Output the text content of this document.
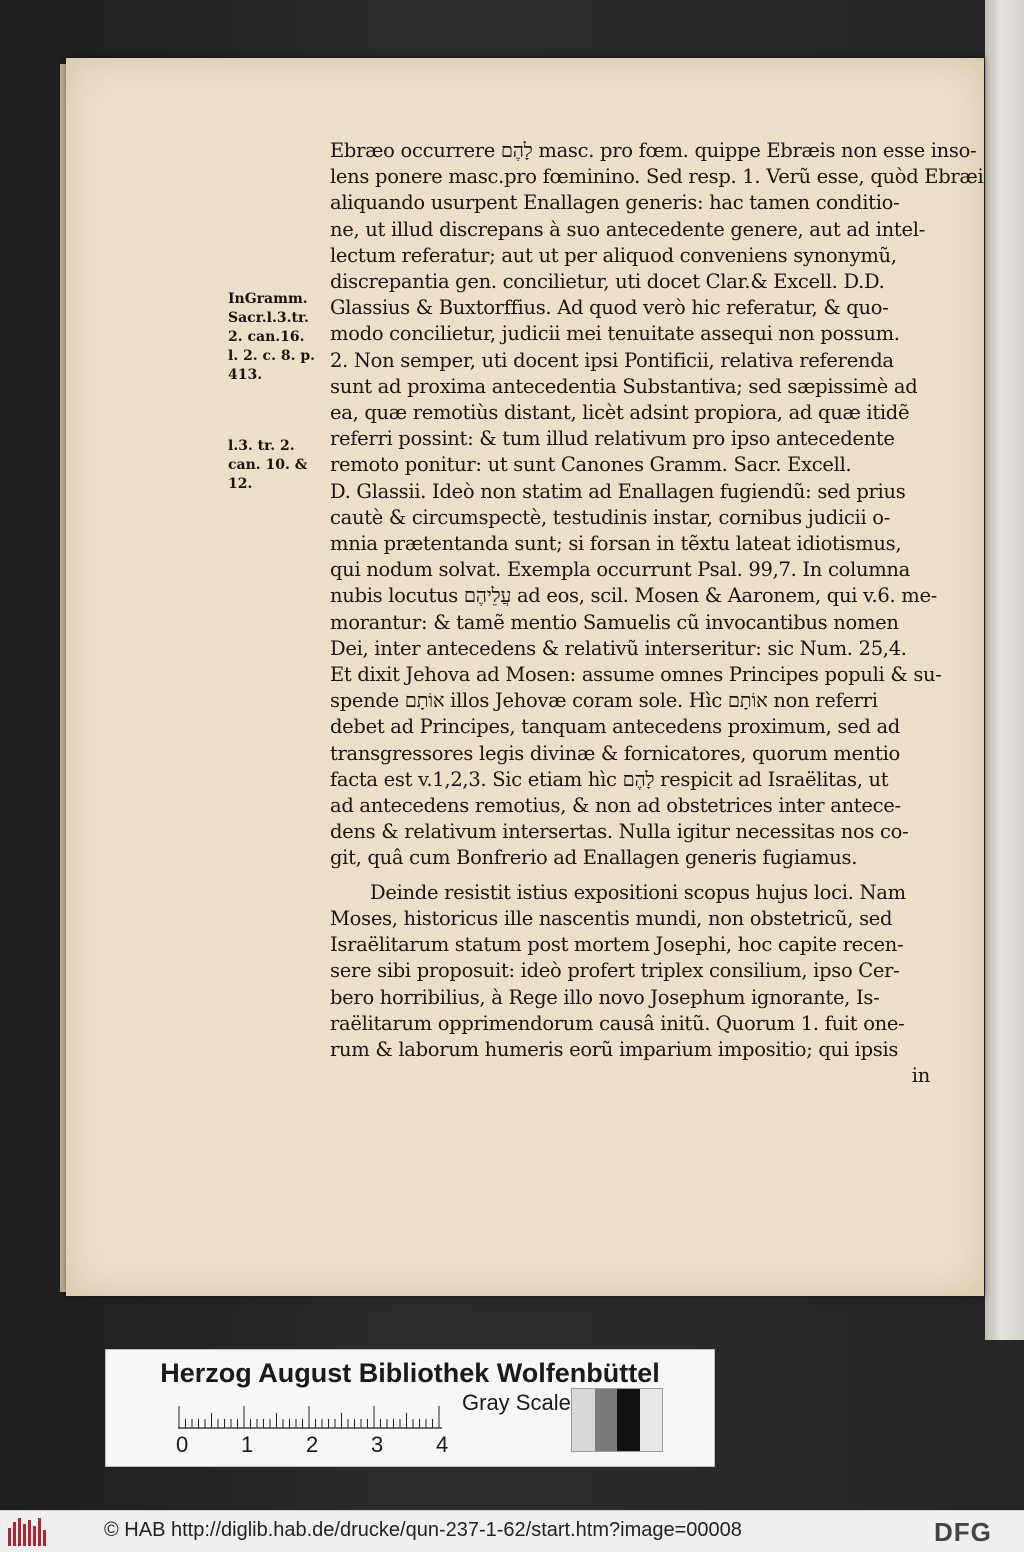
InGramm.
Sacr.l.3.tr.
2. can.16.
l. 2. c. 8. p.
413.
l.3. tr. 2.
can. 10. &
12.
Ebræo occurrere לָהֶם masc. pro fœm. quippe Ebræis non esse inso-
lens ponere masc.pro fœminino. Sed resp. 1. Verũ esse, quòd Ebræi
aliquando usurpent Enallagen generis: hac tamen conditio-
ne, ut illud discrepans à suo antecedente genere, aut ad intel-
lectum referatur; aut ut per aliquod conveniens synonymũ,
discrepantia gen. concilietur, uti docet Clar.& Excell. D.D.
Glassius & Buxtorffius. Ad quod verò hic referatur, & quo-
modo concilietur, judicii mei tenuitate assequi non possum.
2. Non semper, uti docent ipsi Pontificii, relativa referenda
sunt ad proxima antecedentia Substantiva; sed sæpissimè ad
ea, quæ remotiùs distant, licèt adsint propiora, ad quæ itidẽ
referri possint: & tum illud relativum pro ipso antecedente
remoto ponitur: ut sunt Canones Gramm. Sacr. Excell.
D. Glassii. Ideò non statim ad Enallagen fugiendũ: sed prius
cautè & circumspectè, testudinis instar, cornibus judicii o-
mnia prætentanda sunt; si forsan in tẽxtu lateat idiotismus,
qui nodum solvat. Exempla occurrunt Psal. 99,7. In columna
nubis locutus עֲלֵיהֶם ad eos, scil. Mosen & Aaronem, qui v.6. me-
morantur: & tamẽ mentio Samuelis cũ invocantibus nomen
Dei, inter antecedens & relativũ interseritur: sic Num. 25,4.
Et dixit Jehova ad Mosen: assume omnes Principes populi & su-
spende אוֹתָם illos Jehovæ coram sole. Hìc אוֹתָם non referri
debet ad Principes, tanquam antecedens proximum, sed ad
transgressores legis divinæ & fornicatores, quorum mentio
facta est v.1,2,3. Sic etiam hìc לָהֶם respicit ad Israëlitas, ut
ad antecedens remotius, & non ad obstetrices inter antece-
dens & relativum intersertas. Nulla igitur necessitas nos co-
git, quâ cum Bonfrerio ad Enallagen generis fugiamus.
Deinde resistit istius expositioni scopus hujus loci. Nam
Moses, historicus ille nascentis mundi, non obstetricũ, sed
Israëlitarum statum post mortem Josephi, hoc capite recen-
sere sibi proposuit: ideò profert triplex consilium, ipso Cer-
bero horribilius, à Rege illo novo Josephum ignorante, Is-
raëlitarum opprimendorum causâ initũ. Quorum 1. fuit one-
rum & laborum humeris eorũ imparium impositio; qui ipsis
in
Herzog August Bibliothek Wolfenbüttel
0 1 2 3 4
Gray Scale
© HAB http://diglib.hab.de/drucke/qun-237-1-62/start.htm?image=00008	DFG
